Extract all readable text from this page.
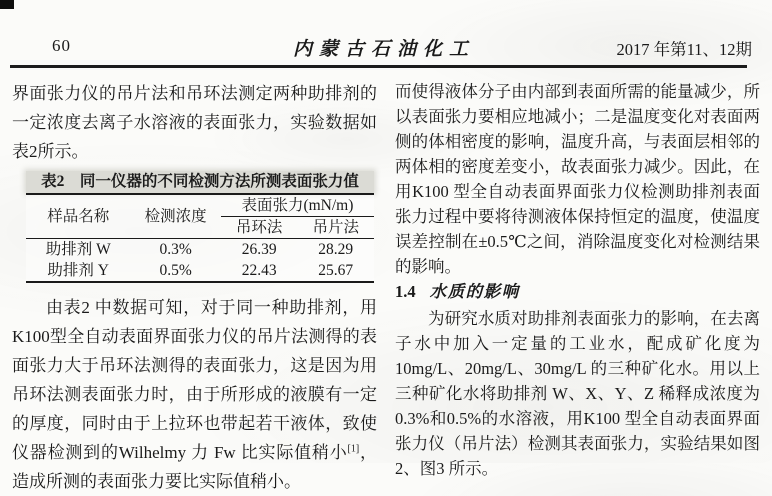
60	内蒙古石油化工	2017 年第11、12期

界面张力仪的吊片法和吊环法测定两种助排剂的一定浓度去离子水溶液的表面张力，实验数据如表2所示。

表2　同一仪器的不同检测方法所测表面张力值
样品名称	检测浓度	表面张力(mN/m)	
		吊环法	吊片法
助排剂 W	0.3%	26.39	28.29
助排剂 Y	0.5%	22.43	25.67

由表2 中数据可知，对于同一种助排剂，用K100型全自动表面界面张力仪的吊片法测得的表面张力大于吊环法测得的表面张力，这是因为用吊环法测表面张力时，由于所形成的液膜有一定的厚度，同时由于上拉环也带起若干液体，致使仪器检测到的Wilhelmy 力 Fw 比实际值稍小[1]，造成所测的表面张力要比实际值稍小。

而使得液体分子由内部到表面所需的能量减少，所以表面张力要相应地减小；二是温度变化对表面两侧的体相密度的影响，温度升高，与表面层相邻的两体相的密度差变小，故表面张力减少。因此，在用K100 型全自动表面界面张力仪检测助排剂表面张力过程中要将待测液体保持恒定的温度，使温度误差控制在±0.5℃之间，消除温度变化对检测结果的影响。

1.4 水质的影响

为研究水质对助排剂表面张力的影响，在去离子水中加入一定量的工业水，配成矿化度为10mg/L、20mg/L、30mg/L 的三种矿化水。用以上三种矿化水将助排剂 W、X、Y、Z 稀释成浓度为0.3%和0.5%的水溶液，用K100 型全自动表面界面张力仪（吊片法）检测其表面张力，实验结果如图2、图3 所示。
